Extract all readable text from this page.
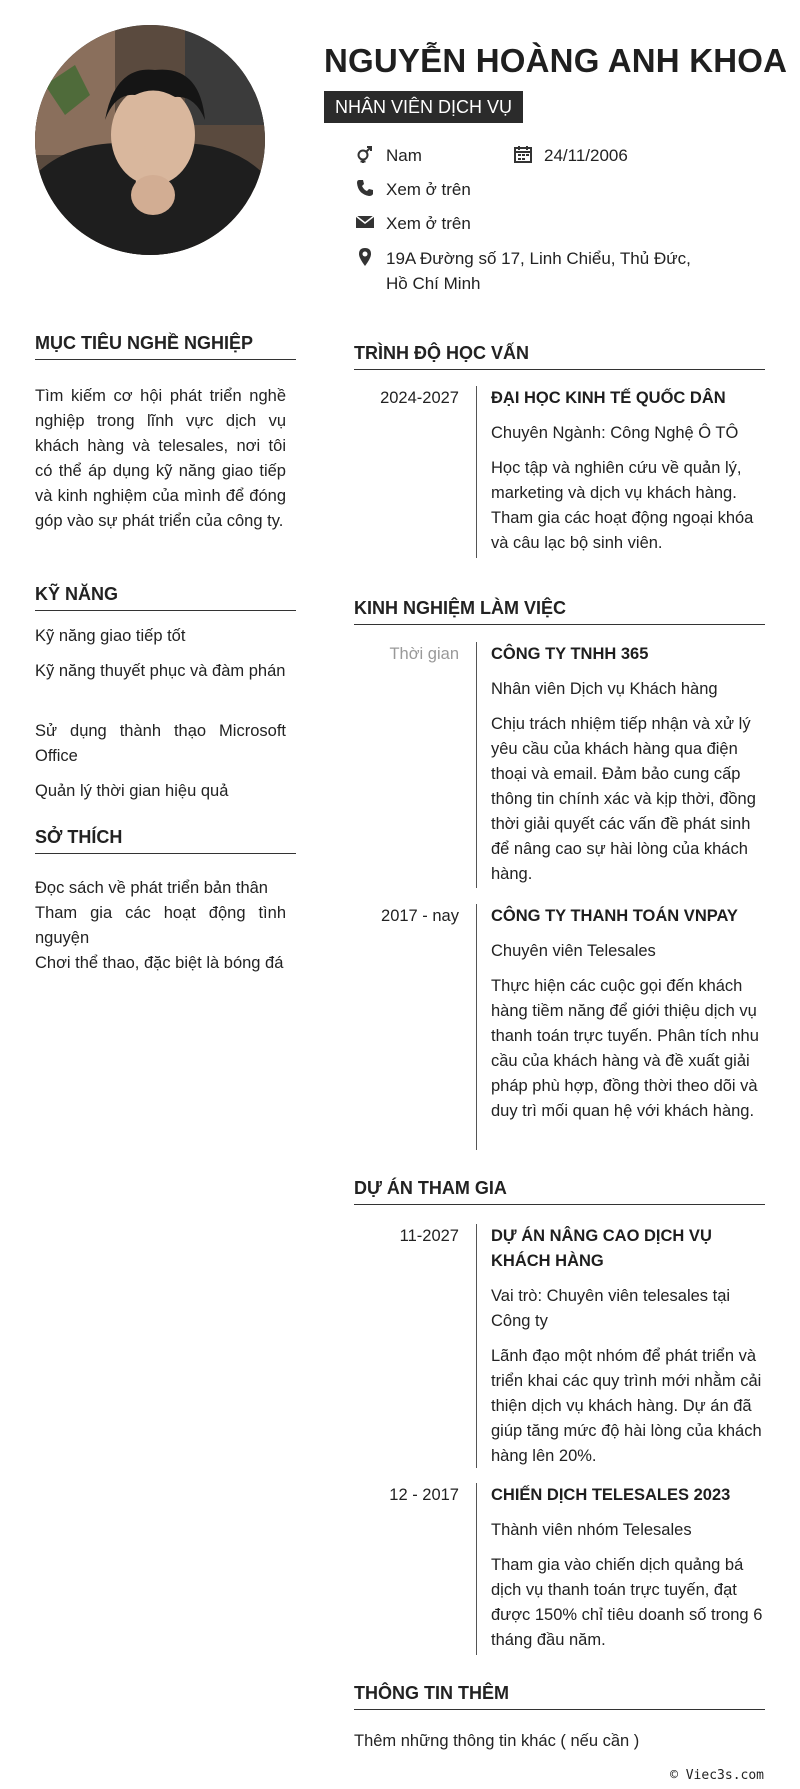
NGUYỄN HOÀNG ANH KHOA
NHÂN VIÊN DỊCH VỤ
Nam	24/11/2006
Xem ở trên
Xem ở trên
19A Đường số 17, Linh Chiểu, Thủ Đức, Hồ Chí Minh
MỤC TIÊU NGHỀ NGHIỆP
Tìm kiếm cơ hội phát triển nghề nghiệp trong lĩnh vực dịch vụ khách hàng và telesales, nơi tôi có thể áp dụng kỹ năng giao tiếp và kinh nghiệm của mình để đóng góp vào sự phát triển của công ty.
KỸ NĂNG
Kỹ năng giao tiếp tốt
Kỹ năng thuyết phục và đàm phán
Sử dụng thành thạo Microsoft Office
Quản lý thời gian hiệu quả
SỞ THÍCH
Đọc sách về phát triển bản thân
Tham gia các hoạt động tình nguyện
Chơi thể thao, đặc biệt là bóng đá
TRÌNH ĐỘ HỌC VẤN
2024-2027 ĐẠI HỌC KINH TẾ QUỐC DÂN
Chuyên Ngành: Công Nghệ Ô TÔ
Học tập và nghiên cứu về quản lý, marketing và dịch vụ khách hàng. Tham gia các hoạt động ngoại khóa và câu lạc bộ sinh viên.
KINH NGHIỆM LÀM VIỆC
Thời gian CÔNG TY TNHH 365
Nhân viên Dịch vụ Khách hàng
Chịu trách nhiệm tiếp nhận và xử lý yêu cầu của khách hàng qua điện thoại và email. Đảm bảo cung cấp thông tin chính xác và kịp thời, đồng thời giải quyết các vấn đề phát sinh để nâng cao sự hài lòng của khách hàng.
2017 - nay CÔNG TY THANH TOÁN VNPAY
Chuyên viên Telesales
Thực hiện các cuộc gọi đến khách hàng tiềm năng để giới thiệu dịch vụ thanh toán trực tuyến. Phân tích nhu cầu của khách hàng và đề xuất giải pháp phù hợp, đồng thời theo dõi và duy trì mối quan hệ với khách hàng.
DỰ ÁN THAM GIA
11-2027 DỰ ÁN NÂNG CAO DỊCH VỤ KHÁCH HÀNG
Vai trò: Chuyên viên telesales tại Công ty
Lãnh đạo một nhóm để phát triển và triển khai các quy trình mới nhằm cải thiện dịch vụ khách hàng. Dự án đã giúp tăng mức độ hài lòng của khách hàng lên 20%.
12 - 2017 CHIẾN DỊCH TELESALES 2023
Thành viên nhóm Telesales
Tham gia vào chiến dịch quảng bá dịch vụ thanh toán trực tuyến, đạt được 150% chỉ tiêu doanh số trong 6 tháng đầu năm.
THÔNG TIN THÊM
Thêm những thông tin khác ( nếu cần )
© Viec3s.com
